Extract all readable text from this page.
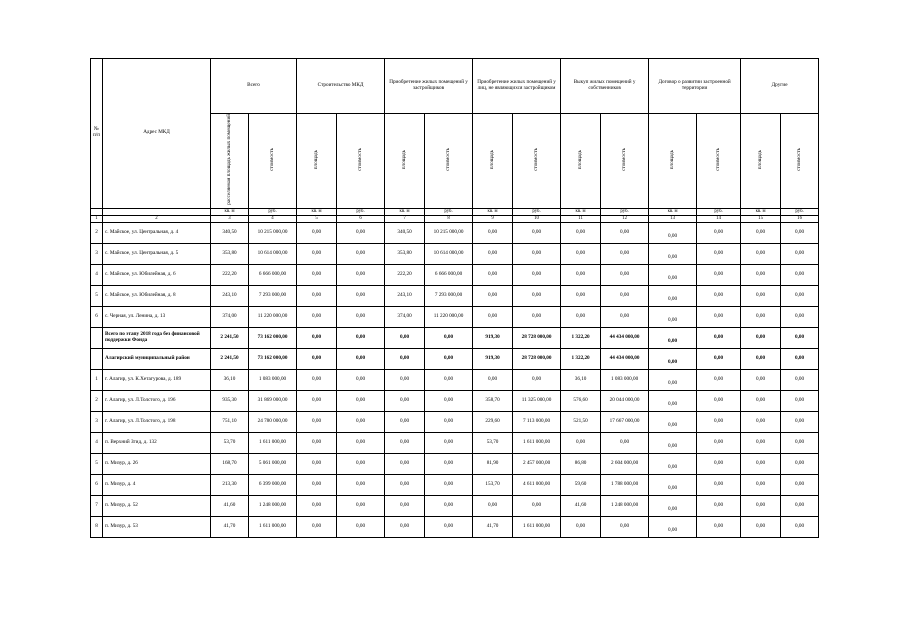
№ п/п	Адрес МКД	Всего		Строительство МКД		Приобретение жилых помещений у застройщиков		Приобретение жилых помещений у лиц, не являющихся застройщиком		Выкуп жилых помещений у собственников		Договор о развитии застроенной территории		Другие	
		расселяемая площадь жилых помещений	стоимость	площадь	стоимость	площадь	стоимость	площадь	стоимость	площадь	стоимость	площадь	стоимость	площадь	стоимость
		кв. м	руб.	кв. м	руб.	кв. м	руб.	кв. м	руб.	кв. м	руб.	кв. м	руб.	кв. м	руб.
1	2	3	4	5	6	7	8	9	10	11	12	13	14	15	16
2	с. Майское, ул. Центральная, д. 4	340,50	10 215 000,00	0,00	0,00	340,50	10 215 000,00	0,00	0,00	0,00	0,00	0,00	0,00	0,00	0,00
3	с. Майское, ул. Центральная, д. 5	353,80	10 614 000,00	0,00	0,00	353,80	10 614 000,00	0,00	0,00	0,00	0,00	0,00	0,00	0,00	0,00
4	с. Майское, ул. Юбилейная, д. 6	222,20	6 666 000,00	0,00	0,00	222,20	6 666 000,00	0,00	0,00	0,00	0,00	0,00	0,00	0,00	0,00
5	с. Майское, ул. Юбилейная, д. 8	243,10	7 293 000,00	0,00	0,00	243,10	7 293 000,00	0,00	0,00	0,00	0,00	0,00	0,00	0,00	0,00
6	с. Черная, ул. Ленина, д. 13	374,00	11 220 000,00	0,00	0,00	374,00	11 220 000,00	0,00	0,00	0,00	0,00	0,00	0,00	0,00	0,00
	Всего по этапу 2018 года без финансовой поддержки Фонда	2 241,50	73 162 000,00	0,00	0,00	0,00	0,00	919,30	28 728 000,00	1 322,20	44 434 000,00	0,00	0,00	0,00	0,00
	Алагирский муниципальный район	2 241,50	73 162 000,00	0,00	0,00	0,00	0,00	919,30	28 728 000,00	1 322,20	44 434 000,00	0,00	0,00	0,00	0,00
1	г. Алагир, ул. К.Хетагурова, д. 189	36,10	1 083 000,00	0,00	0,00	0,00	0,00	0,00	0,00	36,10	1 083 000,00	0,00	0,00	0,00	0,00
2	г. Алагир, ул. Л.Толстого, д. 196	935,30	31 869 000,00	0,00	0,00	0,00	0,00	358,70	11 325 000,00	576,60	20 044 000,00	0,00	0,00	0,00	0,00
3	г. Алагир, ул. Л.Толстого, д. 198	751,10	24 780 000,00	0,00	0,00	0,00	0,00	229,60	7 113 000,00	521,50	17 667 000,00	0,00	0,00	0,00	0,00
4	п. Верхний Згид, д. 132	53,70	1 611 000,00	0,00	0,00	0,00	0,00	53,70	1 611 000,00	0,00	0,00	0,00	0,00	0,00	0,00
5	п. Мизур, д. 26	168,70	5 061 000,00	0,00	0,00	0,00	0,00	81,90	2 457 000,00	86,80	2 604 000,00	0,00	0,00	0,00	0,00
6	п. Мизур, д. 4	213,30	6 399 000,00	0,00	0,00	0,00	0,00	153,70	4 611 000,00	59,60	1 788 000,00	0,00	0,00	0,00	0,00
7	п. Мизур, д. 52	41,60	1 248 000,00	0,00	0,00	0,00	0,00	0,00	0,00	41,60	1 248 000,00	0,00	0,00	0,00	0,00
8	п. Мизур, д. 53	41,70	1 611 000,00	0,00	0,00	0,00	0,00	41,70	1 611 000,00	0,00	0,00	0,00	0,00	0,00	0,00
